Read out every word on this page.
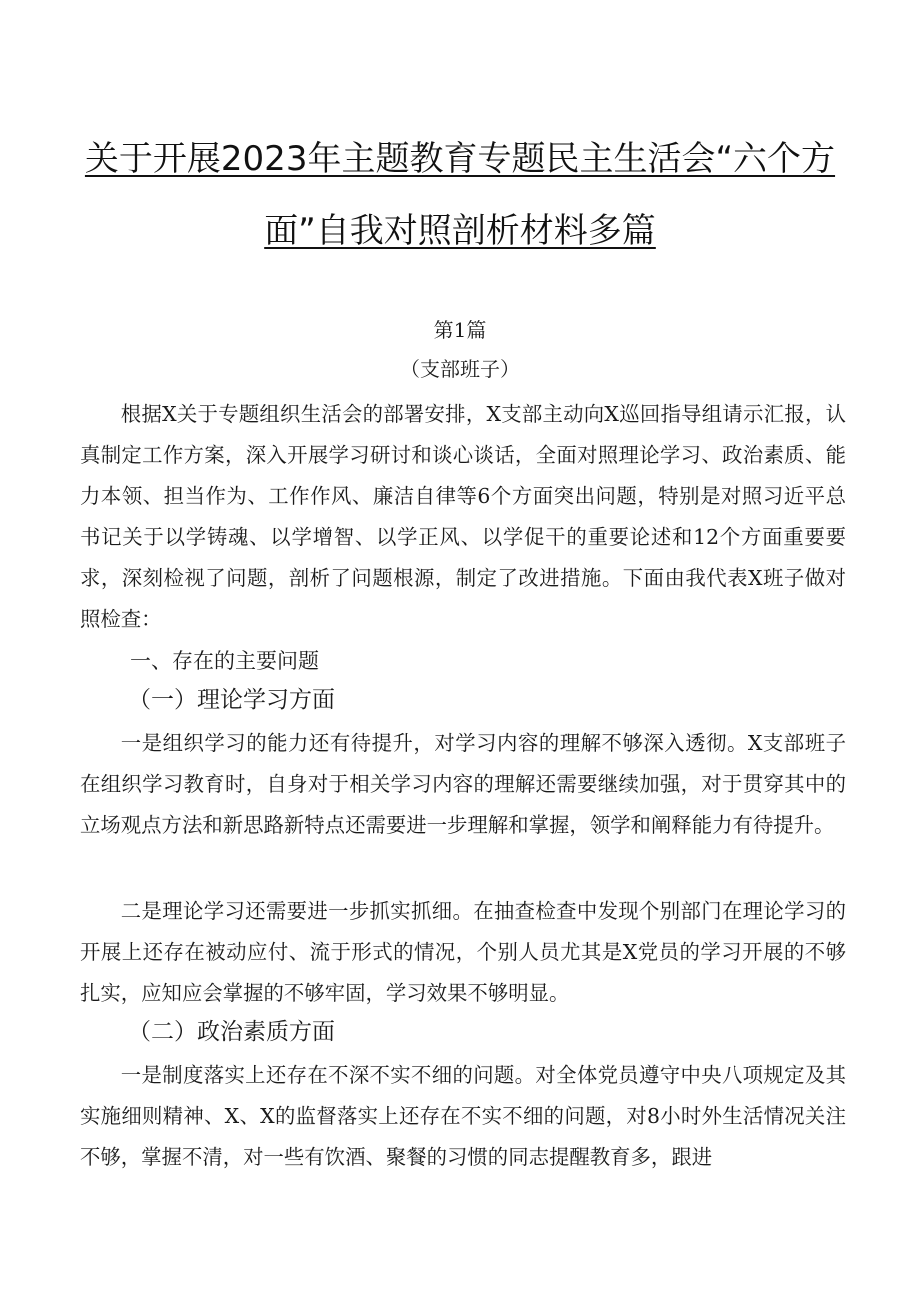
关于开展2023年主题教育专题民主生活会“六个方
面”自我对照剖析材料多篇
第1篇
（支部班子）

根据X关于专题组织生活会的部署安排，X支部主动向X巡回指导组请示汇报，认真制定工作方案，深入开展学习研讨和谈心谈话，全面对照理论学习、政治素质、能力本领、担当作为、工作作风、廉洁自律等6个方面突出问题，特别是对照习近平总书记关于以学铸魂、以学增智、以学正风、以学促干的重要论述和12个方面重要要求，深刻检视了问题，剖析了问题根源，制定了改进措施。下面由我代表X班子做对照检查：

一、存在的主要问题
（一）理论学习方面

一是组织学习的能力还有待提升，对学习内容的理解不够深入透彻。X支部班子在组织学习教育时，自身对于相关学习内容的理解还需要继续加强，对于贯穿其中的立场观点方法和新思路新特点还需要进一步理解和掌握，领学和阐释能力有待提升。

二是理论学习还需要进一步抓实抓细。在抽查检查中发现个别部门在理论学习的开展上还存在被动应付、流于形式的情况，个别人员尤其是X党员的学习开展的不够扎实，应知应会掌握的不够牢固，学习效果不够明显。

（二）政治素质方面

一是制度落实上还存在不深不实不细的问题。对全体党员遵守中央八项规定及其实施细则精神、X、X的监督落实上还存在不实不细的问题，对8小时外生活情况关注不够，掌握不清，对一些有饮酒、聚餐的习惯的同志提醒教育多，跟进
